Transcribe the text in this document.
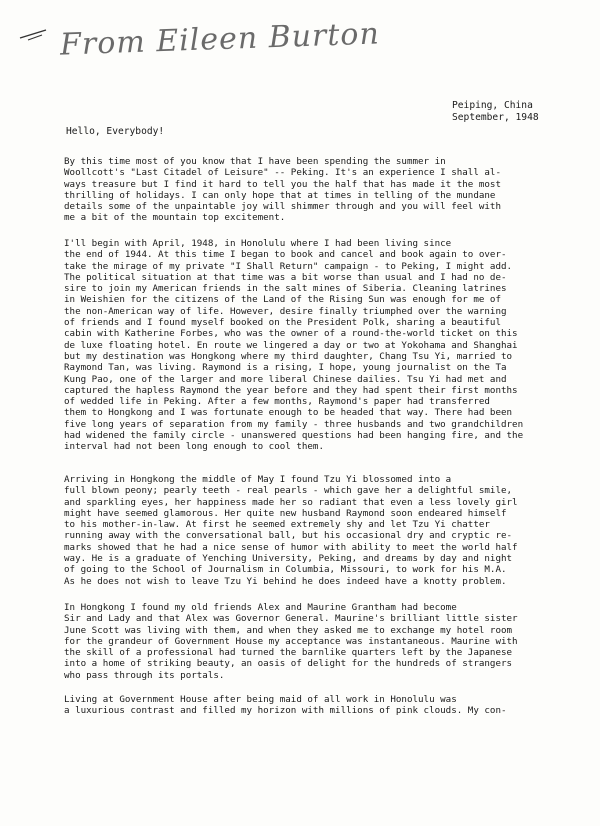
From Eileen Burton
Peiping, China
September, 1948
Hello, Everybody!
By this time most of you know that I have been spending the summer in
Woollcott's "Last Citadel of Leisure" -- Peking. It's an experience I shall al-
ways treasure but I find it hard to tell you the half that has made it the most
thrilling of holidays. I can only hope that at times in telling of the mundane
details some of the unpaintable joy will shimmer through and you will feel with
me a bit of the mountain top excitement.
I'll begin with April, 1948, in Honolulu where I had been living since
the end of 1944. At this time I began to book and cancel and book again to over-
take the mirage of my private "I Shall Return" campaign - to Peking, I might add.
The political situation at that time was a bit worse than usual and I had no de-
sire to join my American friends in the salt mines of Siberia. Cleaning latrines
in Weishien for the citizens of the Land of the Rising Sun was enough for me of
the non-American way of life. However, desire finally triumphed over the warning
of friends and I found myself booked on the President Polk, sharing a beautiful
cabin with Katherine Forbes, who was the owner of a round-the-world ticket on this
de luxe floating hotel. En route we lingered a day or two at Yokohama and Shanghai
but my destination was Hongkong where my third daughter, Chang Tsu Yi, married to
Raymond Tan, was living. Raymond is a rising, I hope, young journalist on the Ta
Kung Pao, one of the larger and more liberal Chinese dailies. Tsu Yi had met and
captured the hapless Raymond the year before and they had spent their first months
of wedded life in Peking. After a few months, Raymond's paper had transferred
them to Hongkong and I was fortunate enough to be headed that way. There had been
five long years of separation from my family - three husbands and two grandchildren
had widened the family circle - unanswered questions had been hanging fire, and the
interval had not been long enough to cool them.
Arriving in Hongkong the middle of May I found Tzu Yi blossomed into a
full blown peony; pearly teeth - real pearls - which gave her a delightful smile,
and sparkling eyes, her happiness made her so radiant that even a less lovely girl
might have seemed glamorous. Her quite new husband Raymond soon endeared himself
to his mother-in-law. At first he seemed extremely shy and let Tzu Yi chatter
running away with the conversational ball, but his occasional dry and cryptic re-
marks showed that he had a nice sense of humor with ability to meet the world half
way. He is a graduate of Yenching University, Peking, and dreams by day and night
of going to the School of Journalism in Columbia, Missouri, to work for his M.A.
As he does not wish to leave Tzu Yi behind he does indeed have a knotty problem.
In Hongkong I found my old friends Alex and Maurine Grantham had become
Sir and Lady and that Alex was Governor General. Maurine's brilliant little sister
June Scott was living with them, and when they asked me to exchange my hotel room
for the grandeur of Government House my acceptance was instantaneous. Maurine with
the skill of a professional had turned the barnlike quarters left by the Japanese
into a home of striking beauty, an oasis of delight for the hundreds of strangers
who pass through its portals.
Living at Government House after being maid of all work in Honolulu was
a luxurious contrast and filled my horizon with millions of pink clouds. My con-
